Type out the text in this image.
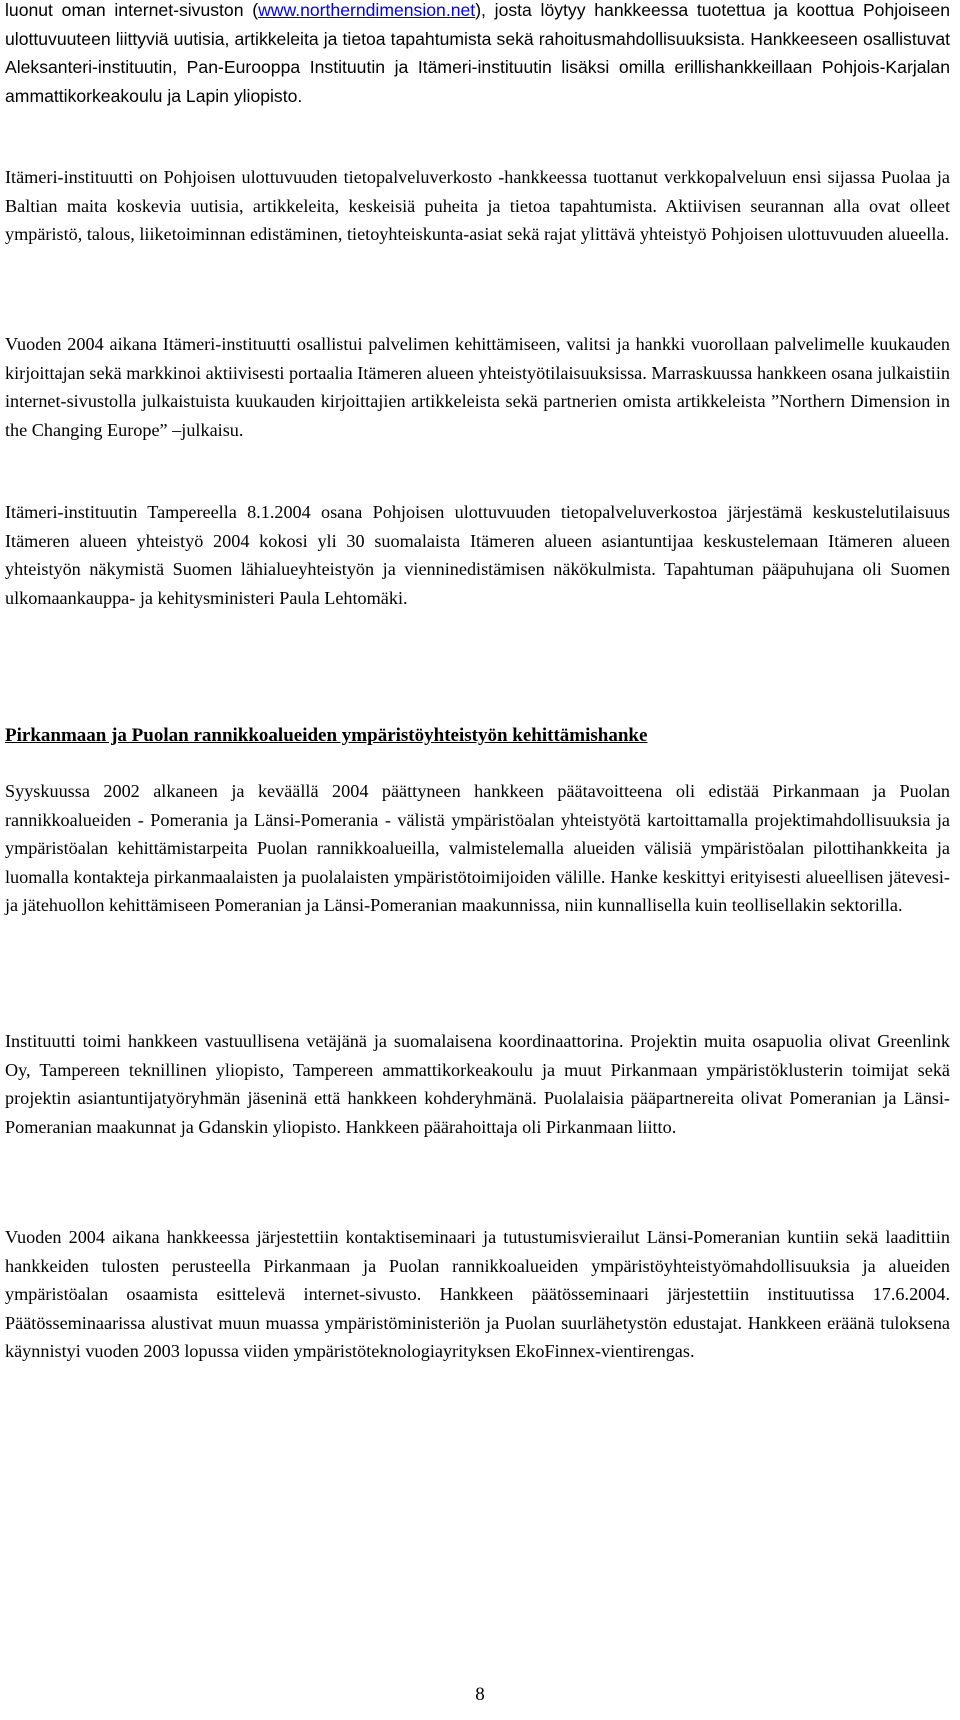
luonut oman internet-sivuston (www.northerndimension.net), josta löytyy hankkeessa tuotettua ja koottua Pohjoiseen ulottuvuuteen liittyviä uutisia, artikkeleita ja tietoa tapahtumista sekä rahoitusmahdollisuuksista. Hankkeeseen osallistuvat Aleksanteri-instituutin, Pan-Eurooppa Instituutin ja Itämeri-instituutin lisäksi omilla erillishankkeillaan Pohjois-Karjalan ammattikorkeakoulu ja Lapin yliopisto.

Itämeri-instituutti on Pohjoisen ulottuvuuden tietopalveluverkosto -hankkeessa tuottanut verkkopalveluun ensi sijassa Puolaa ja Baltian maita koskevia uutisia, artikkeleita, keskeisiä puheita ja tietoa tapahtumista. Aktiivisen seurannan alla ovat olleet ympäristö, talous, liiketoiminnan edistäminen, tietoyhteiskunta-asiat sekä rajat ylittävä yhteistyö Pohjoisen ulottuvuuden alueella.

Vuoden 2004 aikana Itämeri-instituutti osallistui palvelimen kehittämiseen, valitsi ja hankki vuorollaan palvelimelle kuukauden kirjoittajan sekä markkinoi aktiivisesti portaalia Itämeren alueen yhteistyötilaisuuksissa. Marraskuussa hankkeen osana julkaistiin internet-sivustolla julkaistuista kuukauden kirjoittajien artikkeleista sekä partnerien omista artikkeleista ”Northern Dimension in the Changing Europe” –julkaisu.

Itämeri-instituutin Tampereella 8.1.2004 osana Pohjoisen ulottuvuuden tietopalveluverkostoa järjestämä keskustelutilaisuus Itämeren alueen yhteistyö 2004 kokosi yli 30 suomalaista Itämeren alueen asiantuntijaa keskustelemaan Itämeren alueen yhteistyön näkymistä Suomen lähialueyhteistyön ja vienninedistämisen näkökulmista. Tapahtuman pääpuhujana oli Suomen ulkomaankauppa- ja kehitysministeri Paula Lehtomäki.

Pirkanmaan ja Puolan rannikkoalueiden ympäristöyhteistyön kehittämishanke

Syyskuussa 2002 alkaneen ja keväällä 2004 päättyneen hankkeen päätavoitteena oli edistää Pirkanmaan ja Puolan rannikkoalueiden - Pomerania ja Länsi-Pomerania - välistä ympäristöalan yhteistyötä kartoittamalla projektimahdollisuuksia ja ympäristöalan kehittämistarpeita Puolan rannikkoalueilla, valmistelemalla alueiden välisiä ympäristöalan pilottihankkeita ja luomalla kontakteja pirkanmaalaisten ja puolalaisten ympäristötoimijoiden välille. Hanke keskittyi erityisesti alueellisen jätevesi- ja jätehuollon kehittämiseen Pomeranian ja Länsi-Pomeranian maakunnissa, niin kunnallisella kuin teollisellakin sektorilla.

Instituutti toimi hankkeen vastuullisena vetäjänä ja suomalaisena koordinaattorina. Projektin muita osapuolia olivat Greenlink Oy, Tampereen teknillinen yliopisto, Tampereen ammattikorkeakoulu ja muut Pirkanmaan ympäristöklusterin toimijat sekä projektin asiantuntijatyöryhmän jäseninä että hankkeen kohderyhmänä. Puolalaisia pääpartnereita olivat Pomeranian ja Länsi-Pomeranian maakunnat ja Gdanskin yliopisto. Hankkeen päärahoittaja oli Pirkanmaan liitto.

Vuoden 2004 aikana hankkeessa järjestettiin kontaktiseminaari ja tutustumisvierailut Länsi-Pomeranian kuntiin sekä laadittiin hankkeiden tulosten perusteella Pirkanmaan ja Puolan rannikkoalueiden ympäristöyhteistyömahdollisuuksia ja alueiden ympäristöalan osaamista esittelevä internet-sivusto. Hankkeen päätösseminaari järjestettiin instituutissa 17.6.2004. Päätösseminaarissa alustivat muun muassa ympäristöministeriön ja Puolan suurlähetystön edustajat. Hankkeen eräänä tuloksena käynnistyi vuoden 2003 lopussa viiden ympäristöteknologiayrityksen EkoFinnex-vientirengas.

8
